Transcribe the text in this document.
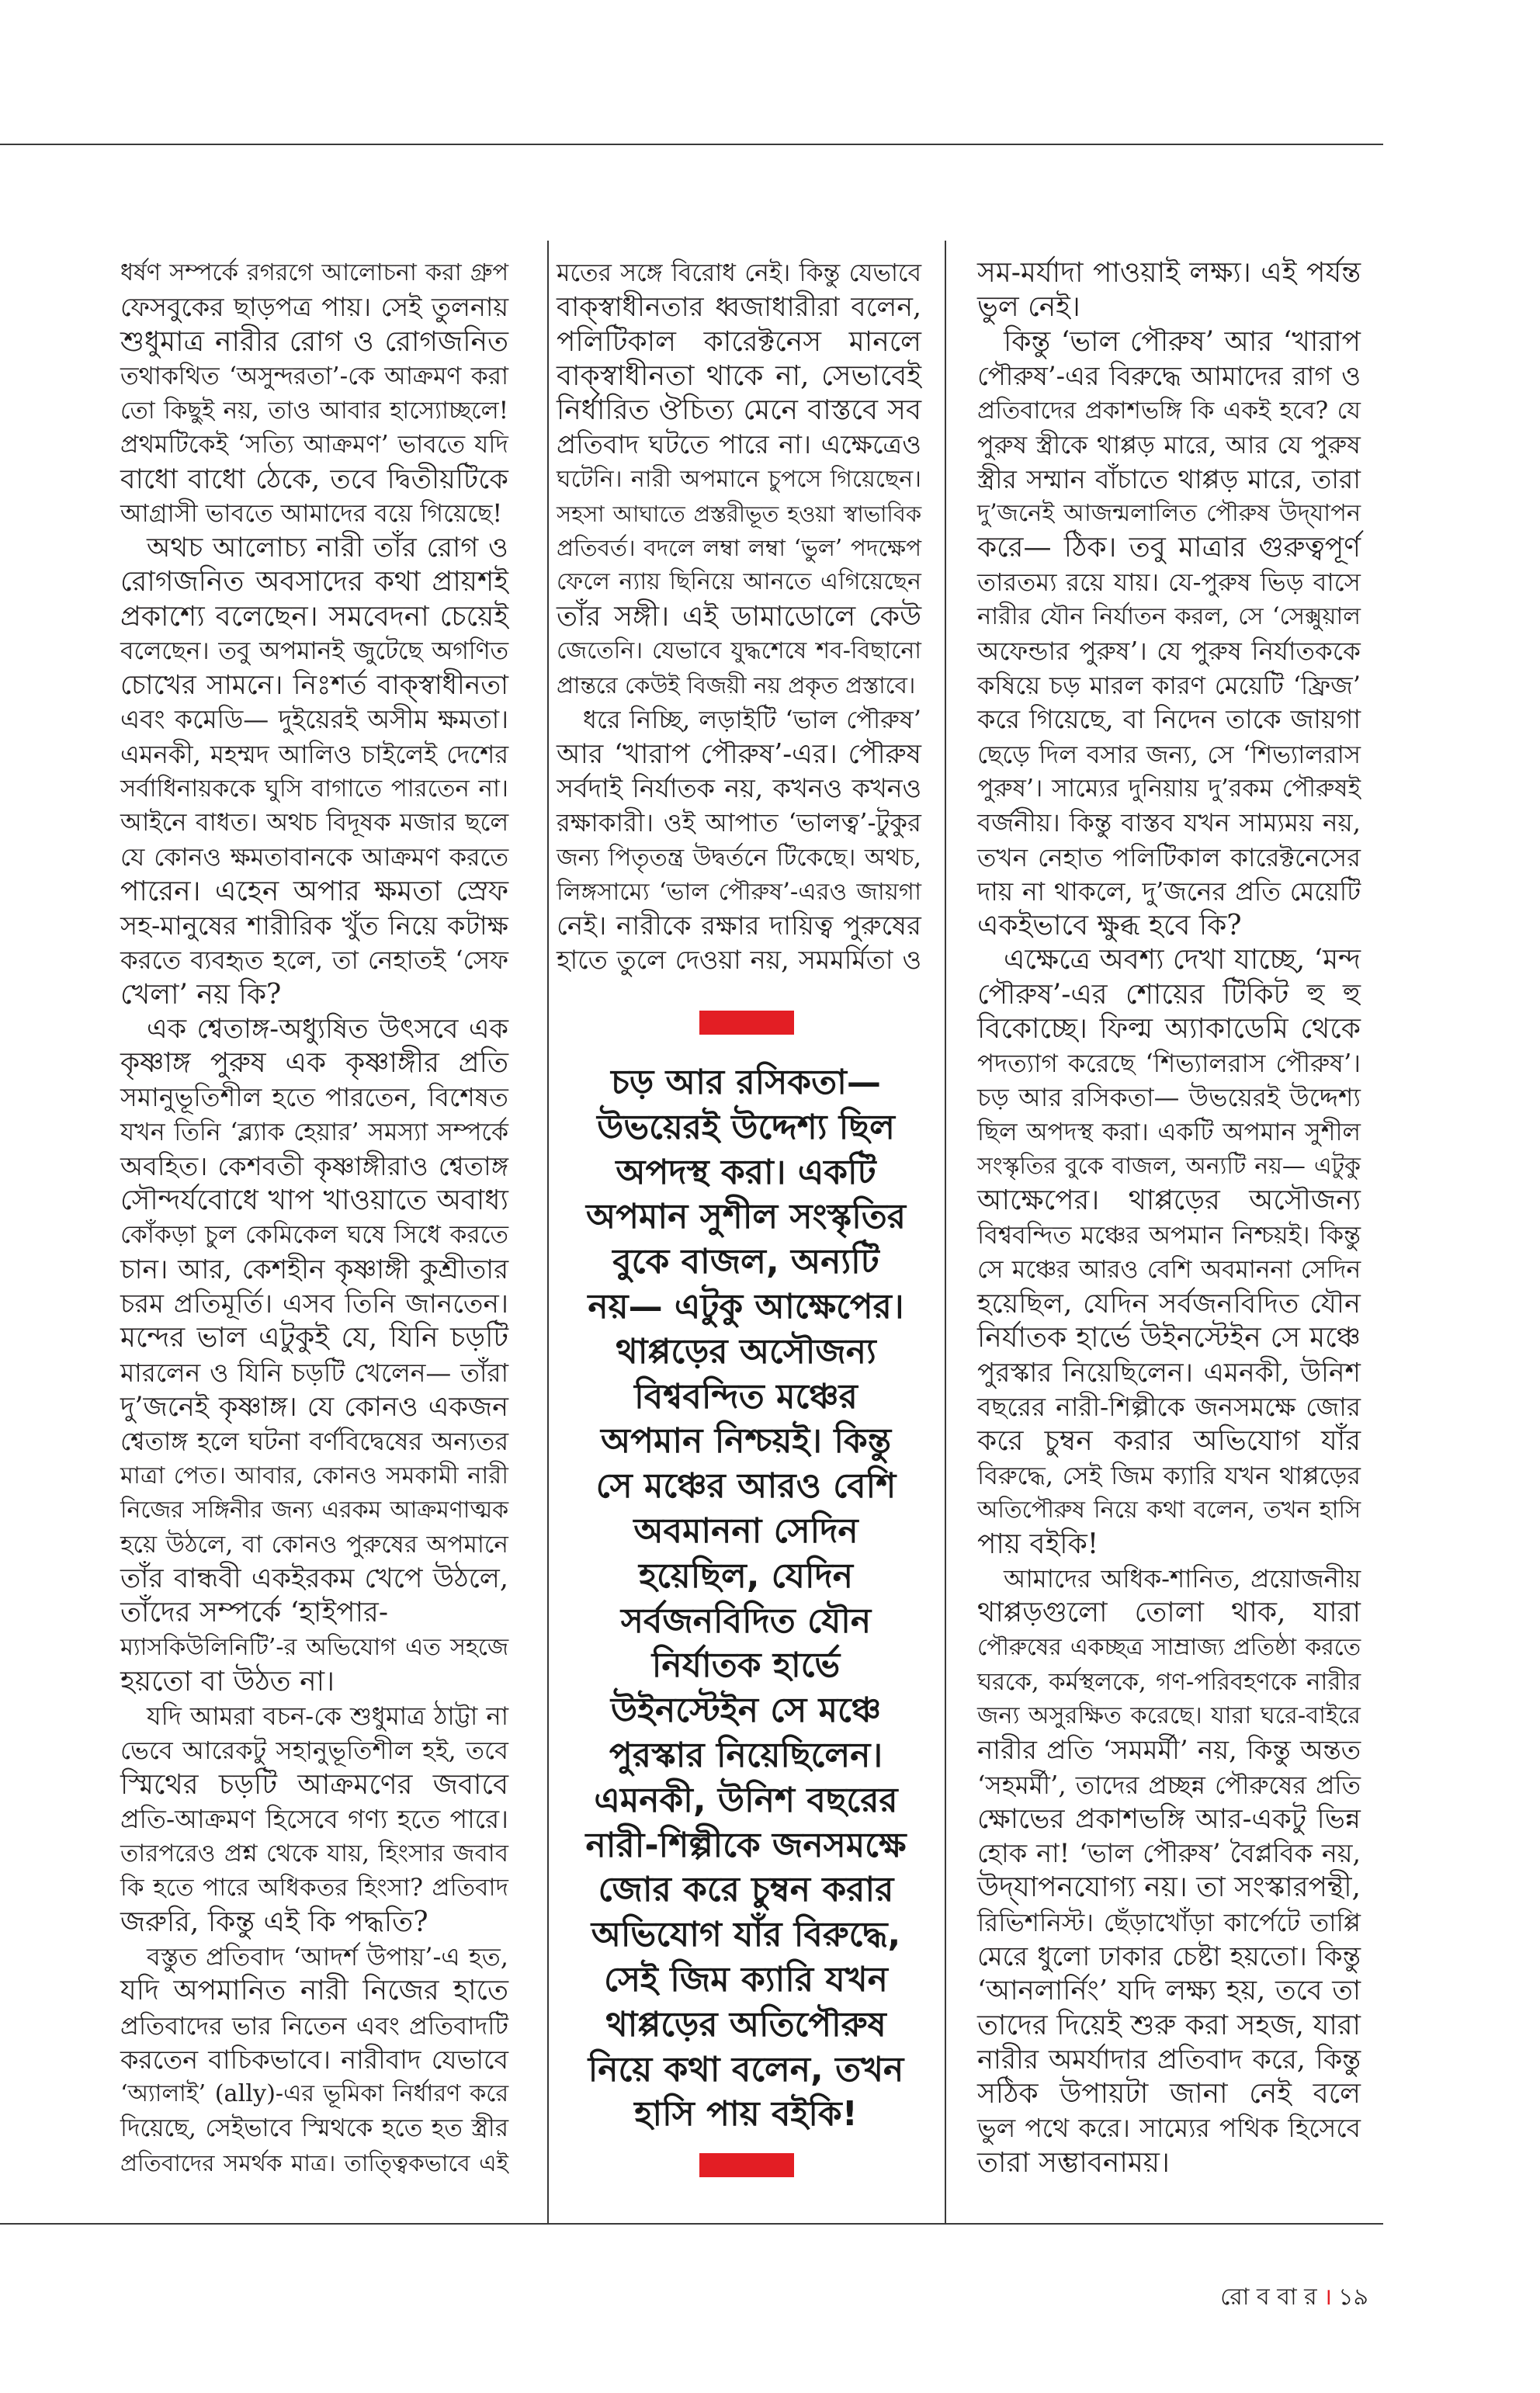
ধর্ষণ সম্পর্কে রগরগে আলোচনা করা গ্রুপ
ফেসবুকের ছাড়পত্র পায়। সেই তুলনায়
শুধুমাত্র নারীর রোগ ও রোগজনিত
তথাকথিত ‘অসুন্দরতা’-কে আক্রমণ করা
তো কিছুই নয়, তাও আবার হাস্যোচ্ছলে!
প্রথমটিকেই ‘সত্যি আক্রমণ’ ভাবতে যদি
বাধো বাধো ঠেকে, তবে দ্বিতীয়টিকে
আগ্রাসী ভাবতে আমাদের বয়ে গিয়েছে!
অথচ আলোচ্য নারী তাঁর রোগ ও
রোগজনিত অবসাদের কথা প্রায়শই
প্রকাশ্যে বলেছেন। সমবেদনা চেয়েই
বলেছেন। তবু অপমানই জুটেছে অগণিত
চোখের সামনে। নিঃশর্ত বাক্‌স্বাধীনতা
এবং কমেডি— দুইয়েরই অসীম ক্ষমতা।
এমনকী, মহম্মদ আলিও চাইলেই দেশের
সর্বাধিনায়ককে ঘুসি বাগাতে পারতেন না।
আইনে বাধত। অথচ বিদূষক মজার ছলে
যে কোনও ক্ষমতাবানকে আক্রমণ করতে
পারেন। এহেন অপার ক্ষমতা স্রেফ
সহ-মানুষের শারীরিক খুঁত নিয়ে কটাক্ষ
করতে ব্যবহৃত হলে, তা নেহাতই ‘সেফ
খেলা’ নয় কি?
এক শ্বেতাঙ্গ-অধ্যুষিত উৎসবে এক
কৃষ্ণাঙ্গ পুরুষ এক কৃষ্ণাঙ্গীর প্রতি
সমানুভূতিশীল হতে পারতেন, বিশেষত
যখন তিনি ‘ব্ল্যাক হেয়ার’ সমস্যা সম্পর্কে
অবহিত। কেশবতী কৃষ্ণাঙ্গীরাও শ্বেতাঙ্গ
সৌন্দর্যবোধে খাপ খাওয়াতে অবাধ্য
কোঁকড়া চুল কেমিকেল ঘষে সিধে করতে
চান। আর, কেশহীন কৃষ্ণাঙ্গী কুশ্রীতার
চরম প্রতিমূর্তি। এসব তিনি জানতেন।
মন্দের ভাল এটুকুই যে, যিনি চড়টি
মারলেন ও যিনি চড়টি খেলেন— তাঁরা
দু’জনেই কৃষ্ণাঙ্গ। যে কোনও একজন
শ্বেতাঙ্গ হলে ঘটনা বর্ণবিদ্বেষের অন্যতর
মাত্রা পেত। আবার, কোনও সমকামী নারী
নিজের সঙ্গিনীর জন্য এরকম আক্রমণাত্মক
হয়ে উঠলে, বা কোনও পুরুষের অপমানে
তাঁর বান্ধবী একইরকম খেপে উঠলে,
তাঁদের সম্পর্কে ‘হাইপার-
ম্যাসকিউলিনিটি’-র অভিযোগ এত সহজে
হয়তো বা উঠত না।
যদি আমরা বচন-কে শুধুমাত্র ঠাট্টা না
ভেবে আরেকটু সহানুভূতিশীল হই, তবে
স্মিথের চড়টি আক্রমণের জবাবে
প্রতি-আক্রমণ হিসেবে গণ্য হতে পারে।
তারপরেও প্রশ্ন থেকে যায়, হিংসার জবাব
কি হতে পারে অধিকতর হিংসা? প্রতিবাদ
জরুরি, কিন্তু এই কি পদ্ধতি?
বস্তুত প্রতিবাদ ‘আদর্শ উপায়’-এ হত,
যদি অপমানিত নারী নিজের হাতে
প্রতিবাদের ভার নিতেন এবং প্রতিবাদটি
করতেন বাচিকভাবে। নারীবাদ যেভাবে
‘অ্যালাই’ (ally)-এর ভূমিকা নির্ধারণ করে
দিয়েছে, সেইভাবে স্মিথকে হতে হত স্ত্রীর
প্রতিবাদের সমর্থক মাত্র। তাত্ত্বিকভাবে এই
মতের সঙ্গে বিরোধ নেই। কিন্তু যেভাবে
বাক্‌স্বাধীনতার ধ্বজাধারীরা বলেন,
পলিটিকাল কারেক্টনেস মানলে
বাক্‌স্বাধীনতা থাকে না, সেভাবেই
নির্ধারিত ঔচিত্য মেনে বাস্তবে সব
প্রতিবাদ ঘটতে পারে না। এক্ষেত্রেও
ঘটেনি। নারী অপমানে চুপসে গিয়েছেন।
সহসা আঘাতে প্রস্তরীভূত হওয়া স্বাভাবিক
প্রতিবর্ত। বদলে লম্বা লম্বা ‘ভুল’ পদক্ষেপ
ফেলে ন্যায় ছিনিয়ে আনতে এগিয়েছেন
তাঁর সঙ্গী। এই ডামাডোলে কেউ
জেতেনি। যেভাবে যুদ্ধশেষে শব-বিছানো
প্রান্তরে কেউই বিজয়ী নয় প্রকৃত প্রস্তাবে।
ধরে নিচ্ছি, লড়াইটি ‘ভাল পৌরুষ’
আর ‘খারাপ পৌরুষ’-এর। পৌরুষ
সর্বদাই নির্যাতক নয়, কখনও কখনও
রক্ষাকারী। ওই আপাত ‘ভালত্ব’-টুকুর
জন্য পিতৃতন্ত্র উদ্বর্তনে টিকেছে। অথচ,
লিঙ্গসাম্যে ‘ভাল পৌরুষ’-এরও জায়গা
নেই। নারীকে রক্ষার দায়িত্ব পুরুষের
হাতে তুলে দেওয়া নয়, সমমর্মিতা ও
চড় আর রসিকতা—
উভয়েরই উদ্দেশ্য ছিল
অপদস্থ করা। একটি
অপমান সুশীল সংস্কৃতির
বুকে বাজল, অন্যটি
নয়— এটুকু আক্ষেপের।
থাপ্পড়ের অসৌজন্য
বিশ্ববন্দিত মঞ্চের
অপমান নিশ্চয়ই। কিন্তু
সে মঞ্চের আরও বেশি
অবমাননা সেদিন
হয়েছিল, যেদিন
সর্বজনবিদিত যৌন
নির্যাতক হার্ভে
উইনস্টেইন সে মঞ্চে
পুরস্কার নিয়েছিলেন।
এমনকী, উনিশ বছরের
নারী-শিল্পীকে জনসমক্ষে
জোর করে চুম্বন করার
অভিযোগ যাঁর বিরুদ্ধে,
সেই জিম ক্যারি যখন
থাপ্পড়ের অতিপৌরুষ
নিয়ে কথা বলেন, তখন
হাসি পায় বইকি!
সম-মর্যাদা পাওয়াই লক্ষ্য। এই পর্যন্ত
ভুল নেই।
কিন্তু ‘ভাল পৌরুষ’ আর ‘খারাপ
পৌরুষ’-এর বিরুদ্ধে আমাদের রাগ ও
প্রতিবাদের প্রকাশভঙ্গি কি একই হবে? যে
পুরুষ স্ত্রীকে থাপ্পড় মারে, আর যে পুরুষ
স্ত্রীর সম্মান বাঁচাতে থাপ্পড় মারে, তারা
দু’জনেই আজন্মলালিত পৌরুষ উদ্‌যাপন
করে— ঠিক। তবু মাত্রার গুরুত্বপূর্ণ
তারতম্য রয়ে যায়। যে-পুরুষ ভিড় বাসে
নারীর যৌন নির্যাতন করল, সে ‘সেক্সুয়াল
অফেন্ডার পুরুষ’। যে পুরুষ নির্যাতককে
কষিয়ে চড় মারল কারণ মেয়েটি ‘ফ্রিজ’
করে গিয়েছে, বা নিদেন তাকে জায়গা
ছেড়ে দিল বসার জন্য, সে ‘শিভ্যালরাস
পুরুষ’। সাম্যের দুনিয়ায় দু’রকম পৌরুষই
বর্জনীয়। কিন্তু বাস্তব যখন সাম্যময় নয়,
তখন নেহাত পলিটিকাল কারেক্টনেসের
দায় না থাকলে, দু’জনের প্রতি মেয়েটি
একইভাবে ক্ষুব্ধ হবে কি?
এক্ষেত্রে অবশ্য দেখা যাচ্ছে, ‘মন্দ
পৌরুষ’-এর শোয়ের টিকিট হু হু
বিকোচ্ছে। ফিল্ম অ্যাকাডেমি থেকে
পদত্যাগ করেছে ‘শিভ্যালরাস পৌরুষ’।
চড় আর রসিকতা— উভয়েরই উদ্দেশ্য
ছিল অপদস্থ করা। একটি অপমান সুশীল
সংস্কৃতির বুকে বাজল, অন্যটি নয়— এটুকু
আক্ষেপের। থাপ্পড়ের অসৌজন্য
বিশ্ববন্দিত মঞ্চের অপমান নিশ্চয়ই। কিন্তু
সে মঞ্চের আরও বেশি অবমাননা সেদিন
হয়েছিল, যেদিন সর্বজনবিদিত যৌন
নির্যাতক হার্ভে উইনস্টেইন সে মঞ্চে
পুরস্কার নিয়েছিলেন। এমনকী, উনিশ
বছরের নারী-শিল্পীকে জনসমক্ষে জোর
করে চুম্বন করার অভিযোগ যাঁর
বিরুদ্ধে, সেই জিম ক্যারি যখন থাপ্পড়ের
অতিপৌরুষ নিয়ে কথা বলেন, তখন হাসি
পায় বইকি!
আমাদের অধিক-শানিত, প্রয়োজনীয়
থাপ্পড়গুলো তোলা থাক, যারা
পৌরুষের একচ্ছত্র সাম্রাজ্য প্রতিষ্ঠা করতে
ঘরকে, কর্মস্থলকে, গণ-পরিবহণকে নারীর
জন্য অসুরক্ষিত করেছে। যারা ঘরে-বাইরে
নারীর প্রতি ‘সমমর্মী’ নয়, কিন্তু অন্তত
‘সহমর্মী’, তাদের প্রচ্ছন্ন পৌরুষের প্রতি
ক্ষোভের প্রকাশভঙ্গি আর-একটু ভিন্ন
হোক না! ‘ভাল পৌরুষ’ বৈপ্লবিক নয়,
উদ্‌যাপনযোগ্য নয়। তা সংস্কারপন্থী,
রিভিশনিস্ট। ছেঁড়াখোঁড়া কার্পেটে তাপ্পি
মেরে ধুলো ঢাকার চেষ্টা হয়তো। কিন্তু
‘আনলার্নিং’ যদি লক্ষ্য হয়, তবে তা
তাদের দিয়েই শুরু করা সহজ, যারা
নারীর অমর্যাদার প্রতিবাদ করে, কিন্তু
সঠিক উপায়টা জানা নেই বলে
ভুল পথে করে। সাম্যের পথিক হিসেবে
তারা সম্ভাবনাময়।
রো ব বা র । ১৯
